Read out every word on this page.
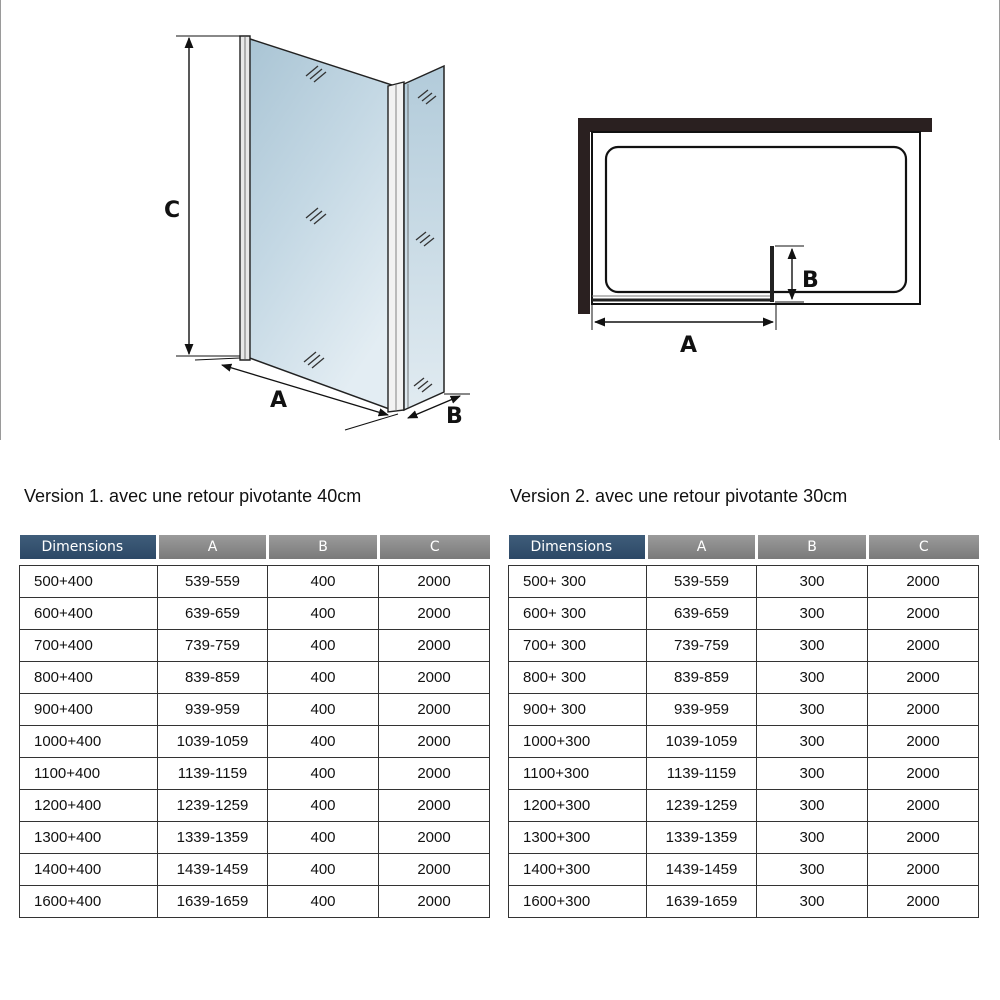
C
A
B
B
A
Version 1. avec une retour pivotante 40cm	Version 2. avec une retour pivotante 30cm
Dimensions	A	B	C

500+400	539-559	400	2000
600+400	639-659	400	2000
700+400	739-759	400	2000
800+400	839-859	400	2000
900+400	939-959	400	2000
1000+400	1039-1059	400	2000
1100+400	1139-1159	400	2000
1200+400	1239-1259	400	2000
1300+400	1339-1359	400	2000
1400+400	1439-1459	400	2000
1600+400	1639-1659	400	2000
Dimensions	A	B	C

500+ 300	539-559	300	2000
600+ 300	639-659	300	2000
700+ 300	739-759	300	2000
800+ 300	839-859	300	2000
900+ 300	939-959	300	2000
1000+300	1039-1059	300	2000
1100+300	1139-1159	300	2000
1200+300	1239-1259	300	2000
1300+300	1339-1359	300	2000
1400+300	1439-1459	300	2000
1600+300	1639-1659	300	2000
